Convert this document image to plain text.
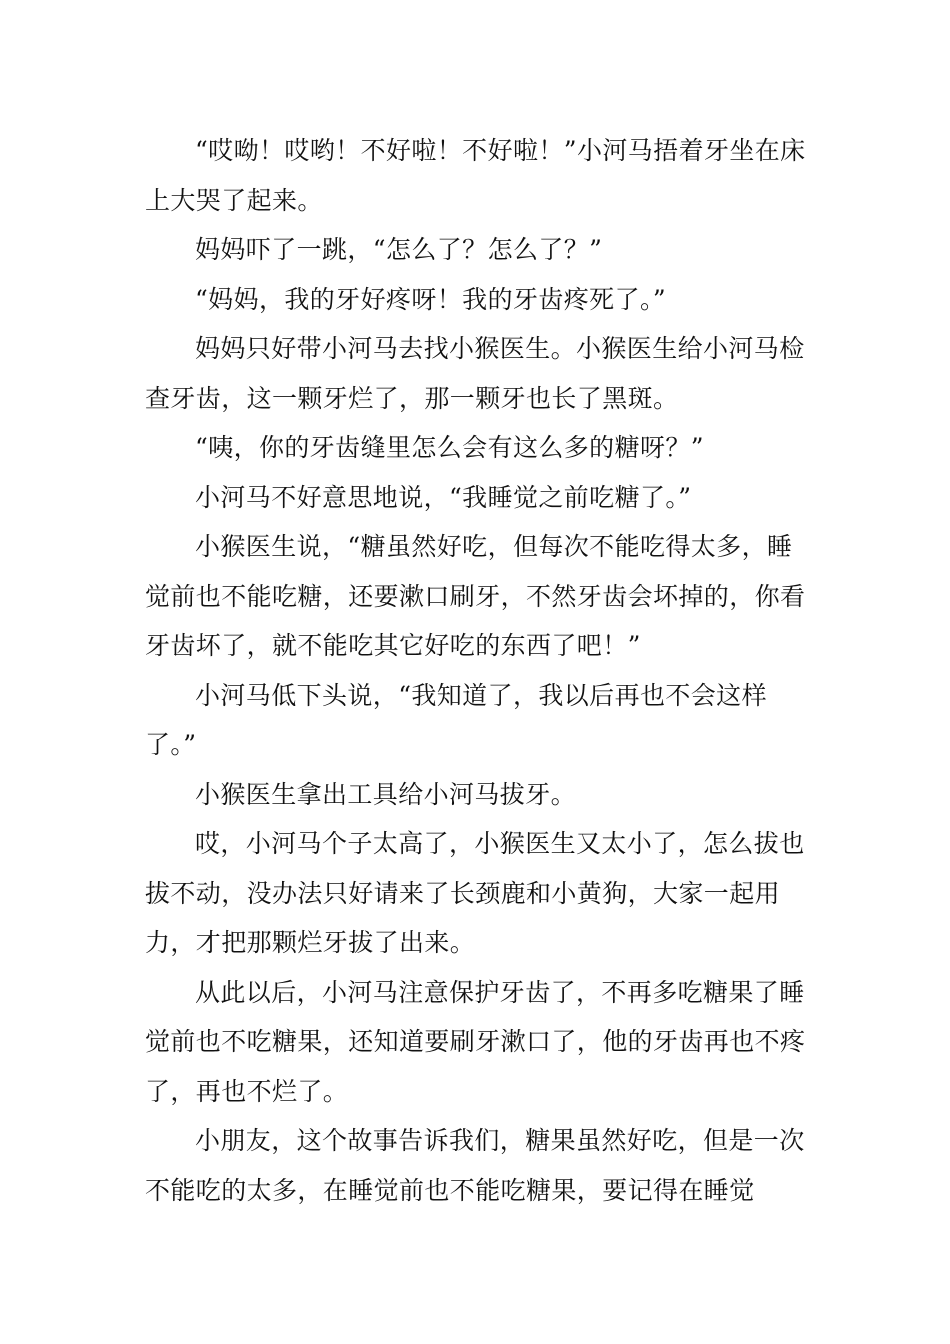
“哎呦！哎哟！不好啦！不好啦！”小河马捂着牙坐在床上大哭了起来。

妈妈吓了一跳，“怎么了？怎么了？”

“妈妈，我的牙好疼呀！我的牙齿疼死了。”

妈妈只好带小河马去找小猴医生。小猴医生给小河马检查牙齿，这一颗牙烂了，那一颗牙也长了黑斑。

“咦，你的牙齿缝里怎么会有这么多的糖呀？”

小河马不好意思地说，“我睡觉之前吃糖了。”

小猴医生说，“糖虽然好吃，但每次不能吃得太多，睡觉前也不能吃糖，还要漱口刷牙，不然牙齿会坏掉的，你看牙齿坏了，就不能吃其它好吃的东西了吧！”

小河马低下头说，“我知道了，我以后再也不会这样了。”

小猴医生拿出工具给小河马拔牙。

哎，小河马个子太高了，小猴医生又太小了，怎么拔也拔不动，没办法只好请来了长颈鹿和小黄狗，大家一起用力，才把那颗烂牙拔了出来。

从此以后，小河马注意保护牙齿了，不再多吃糖果了睡觉前也不吃糖果，还知道要刷牙漱口了，他的牙齿再也不疼了，再也不烂了。

小朋友，这个故事告诉我们，糖果虽然好吃，但是一次不能吃的太多，在睡觉前也不能吃糖果，要记得在睡觉
